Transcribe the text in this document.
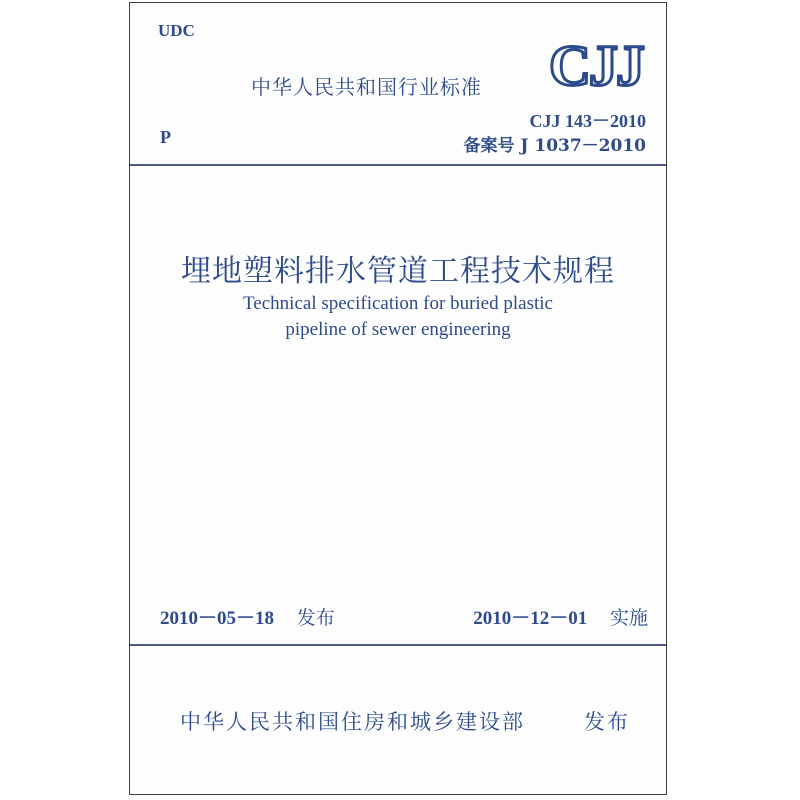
UDC
中华人民共和国行业标准 CJJ
CJJ 143－2010
P	备案号 J 1037－2010
埋地塑料排水管道工程技术规程
Technical specification for buried plastic
pipeline of sewer engineering
2010－05－18 发布	2010－12－01 实施
中华人民共和国住房和城乡建设部	发布
